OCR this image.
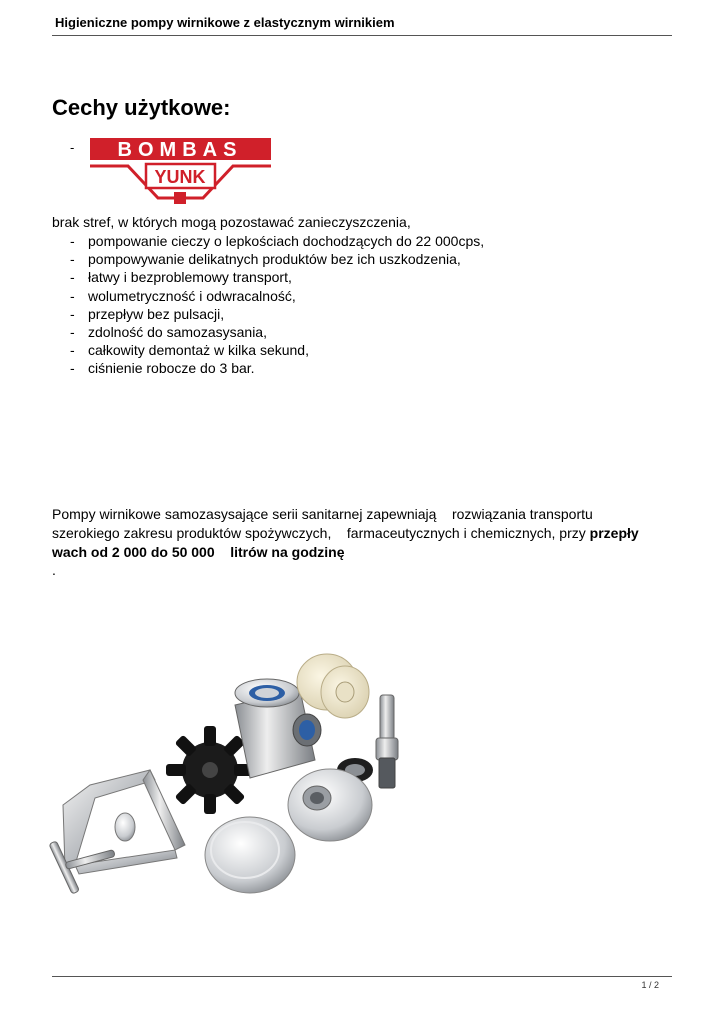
Higieniczne pompy wirnikowe z elastycznym wirnikiem
Cechy użytkowe:
- BOMBAS
YUNK
brak stref, w których mogą pozostawać zanieczyszczenia,
- pompowanie cieczy o lepkościach dochodzących do 22 000cps,
- pompowywanie delikatnych produktów bez ich uszkodzenia,
- łatwy i bezproblemowy transport,
- wolumetryczność i odwracalność,
- przepływ bez pulsacji,
- zdolność do samozasysania,
- całkowity demontaż w kilka sekund,
- ciśnienie robocze do 3 bar.
Pompy wirnikowe samozasysające serii sanitarnej zapewniają    rozwiązania transportu
szerokiego zakresu produktów spożywczych,    farmaceutycznych i chemicznych, przy przepły
wach od 2 000 do 50 000    litrów na godzinę
.
1 / 2
